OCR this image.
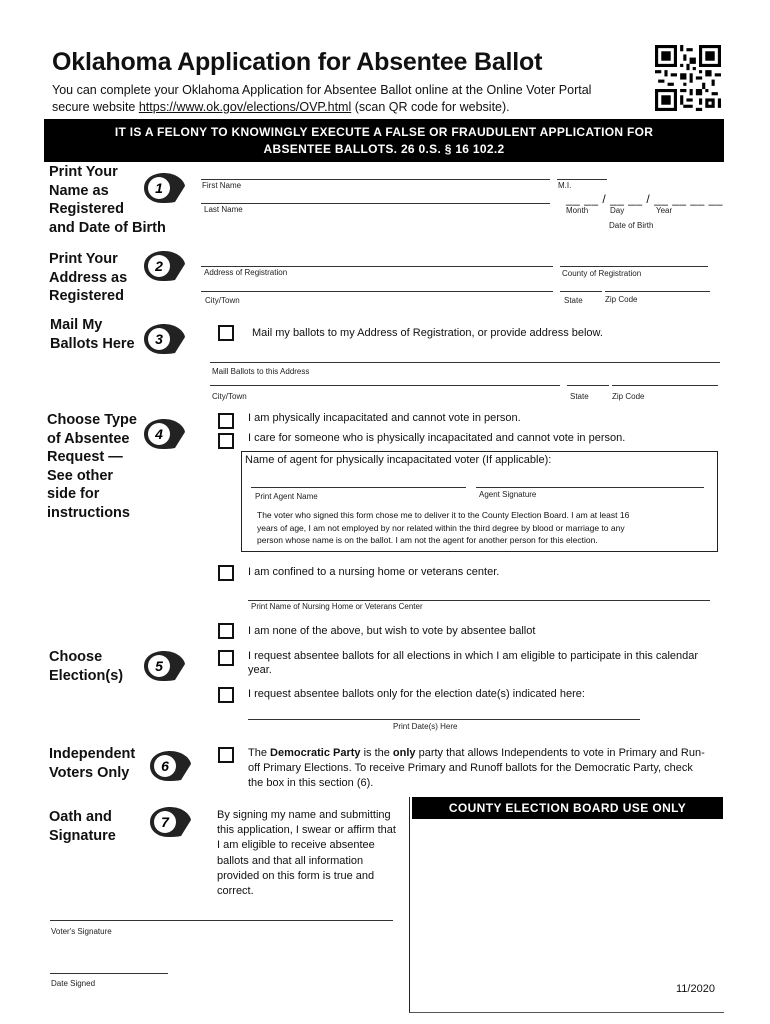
Oklahoma Application for Absentee Ballot
You can complete your Oklahoma Application for Absentee Ballot online at the Online Voter Portal
secure website https://www.ok.gov/elections/OVP.html (scan QR code for website).
IT IS A FELONY TO KNOWINGLY EXECUTE A FALSE OR FRAUDULENT APPLICATION FOR
ABSENTEE BALLOTS. 26 0.S. § 16 102.2
Print Your
Name as
Registered
and Date of Birth
1	First Name	M.I.
Last Name
__ __ / __ __ / __ __ __ __
Month	Day	Year
Date of Birth
Print Your
Address as
Registered
2	Address of Registration	County of Registration
City/Town	State	Zip Code
Mail My
Ballots Here 3	Mail my ballots to my Address of Registration, or provide address below.
Maill Ballots to this Address
City/Town	State	Zip Code
Choose Type
of Absentee
Request —
See other
side for
instructions
4
I am physically incapacitated and cannot vote in person.
I care for someone who is physically incapacitated and cannot vote in person.
Name of agent for physically incapacitated voter (If applicable):
Print Agent Name	Agent Signature
The voter who signed this form chose me to deliver it to the County Election Board. I am at least 16
years of age, I am not employed by nor related within the third degree by blood or marriage to any
person whose name is on the ballot. I am not the agent for another person for this election.
I am confined to a nursing home or veterans center.
Print Name of Nursing Home or Veterans Center
I am none of the above, but wish to vote by absentee ballot
Choose
Election(s)
5
I request absentee ballots for all elections in which I am eligible to participate in this calendar
year.
I request absentee ballots only for the election date(s) indicated here:
Print Date(s) Here
Independent
Voters Only	6
The Democratic Party is the only party that allows Independents to vote in Primary and Run-
off Primary Elections. To receive Primary and Runoff ballots for the Democratic Party, check
the box in this section (6).
Oath and
Signature
7	By signing my name and submitting
this application, I swear or affirm that
I am eligible to receive absentee
ballots and that all information
provided on this form is true and
correct.
Voter's Signature
Date Signed
COUNTY ELECTION BOARD USE ONLY
11/2020
